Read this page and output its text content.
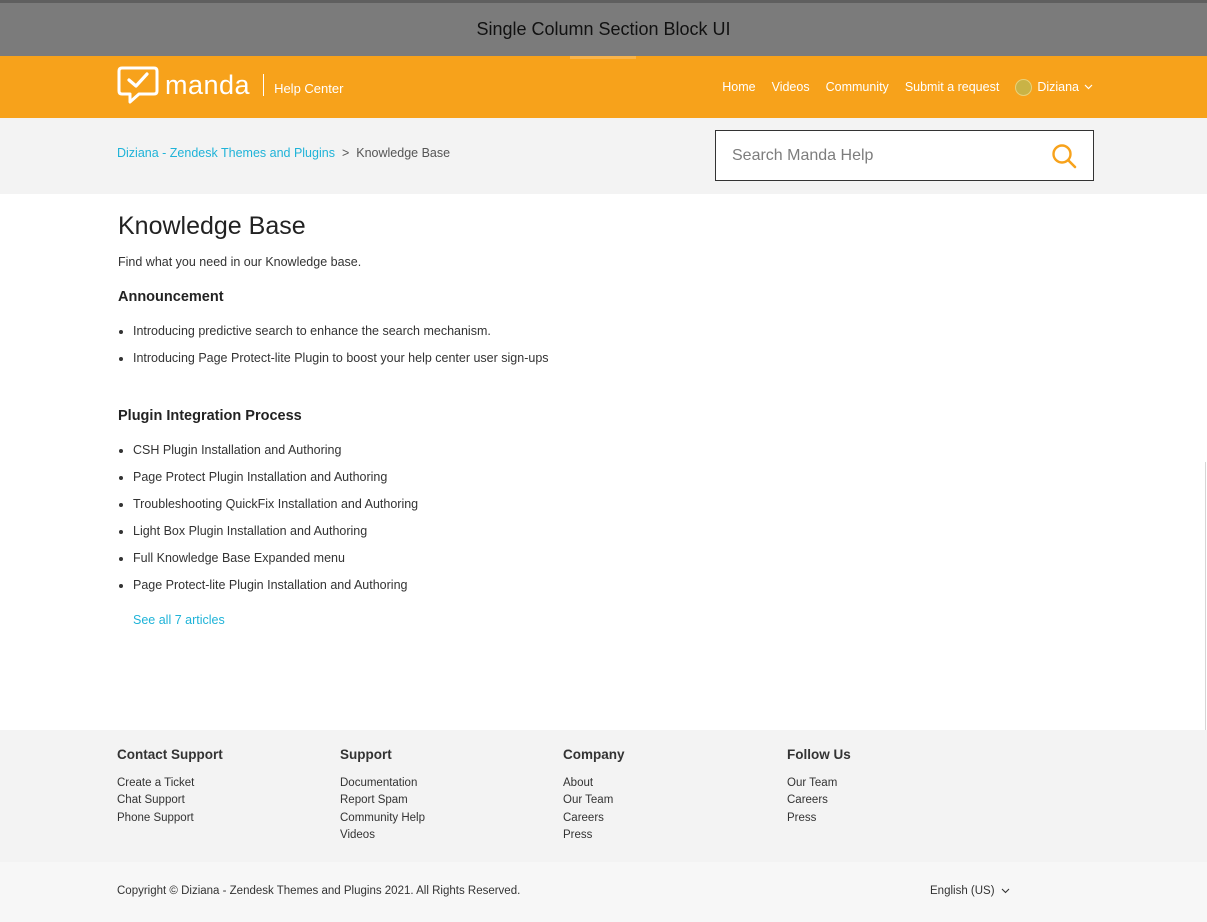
Single Column Section Block UI
manda Help Center	Home Videos Community Submit a request	Diziana
Diziana - Zendesk Themes and Plugins > Knowledge Base
Search Manda Help
Knowledge Base

Find what you need in our Knowledge base.

Announcement
Introducing predictive search to enhance the search mechanism.
Introducing Page Protect-lite Plugin to boost your help center user sign-ups
Plugin Integration Process
CSH Plugin Installation and Authoring
Page Protect Plugin Installation and Authoring
Troubleshooting QuickFix Installation and Authoring
Light Box Plugin Installation and Authoring
Full Knowledge Base Expanded menu
Page Protect-lite Plugin Installation and Authoring
See all 7 articles
Contact Support
Create a Ticket
Chat Support
Phone Support
Support
Documentation
Report Spam
Community Help
Videos
Company
About
Our Team
Careers
Press
Follow Us
Our Team
Careers
Press
Copyright © Diziana - Zendesk Themes and Plugins 2021. All Rights Reserved.	English (US)
